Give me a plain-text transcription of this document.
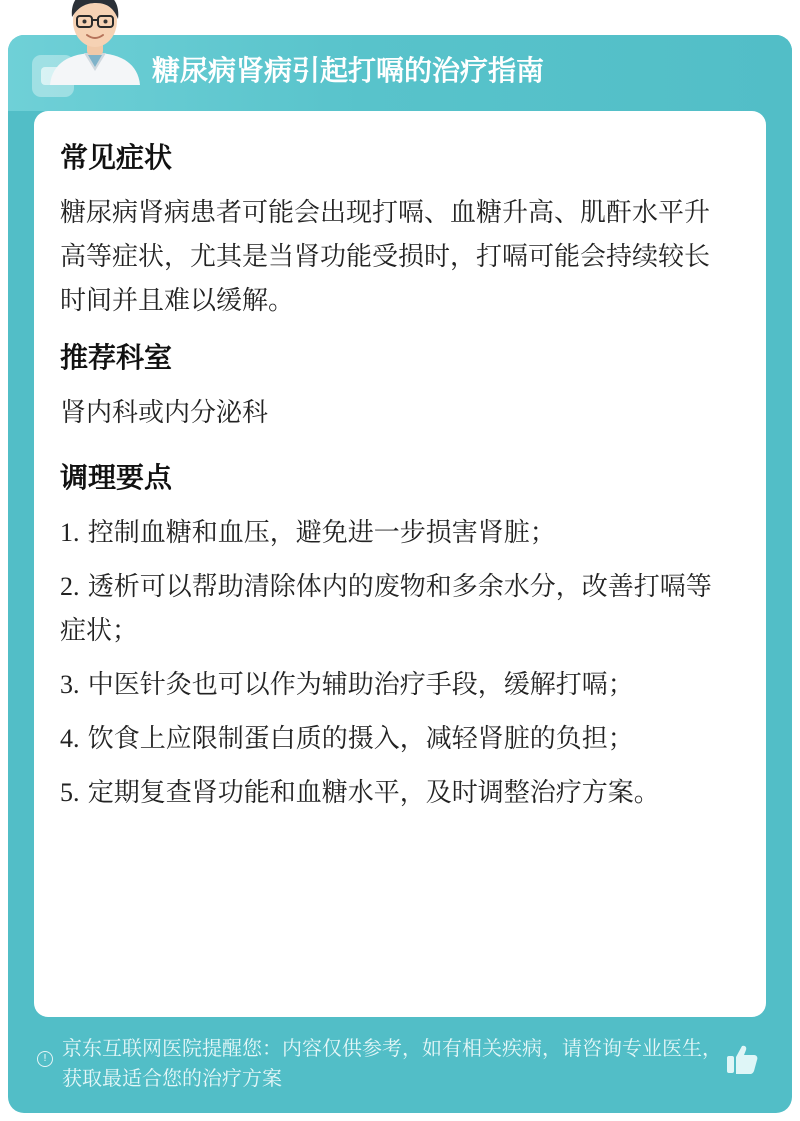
糖尿病肾病引起打嗝的治疗指南
常见症状
糖尿病肾病患者可能会出现打嗝、血糖升高、肌酐水平升高等症状，尤其是当肾功能受损时，打嗝可能会持续较长时间并且难以缓解。
推荐科室
肾内科或内分泌科
调理要点
1. 控制血糖和血压，避免进一步损害肾脏；
2. 透析可以帮助清除体内的废物和多余水分，改善打嗝等症状；
3. 中医针灸也可以作为辅助治疗手段，缓解打嗝；
4. 饮食上应限制蛋白质的摄入，减轻肾脏的负担；
5. 定期复查肾功能和血糖水平，及时调整治疗方案。
! 京东互联网医院提醒您：内容仅供参考，如有相关疾病，请咨询专业医生，获取最适合您的治疗方案
